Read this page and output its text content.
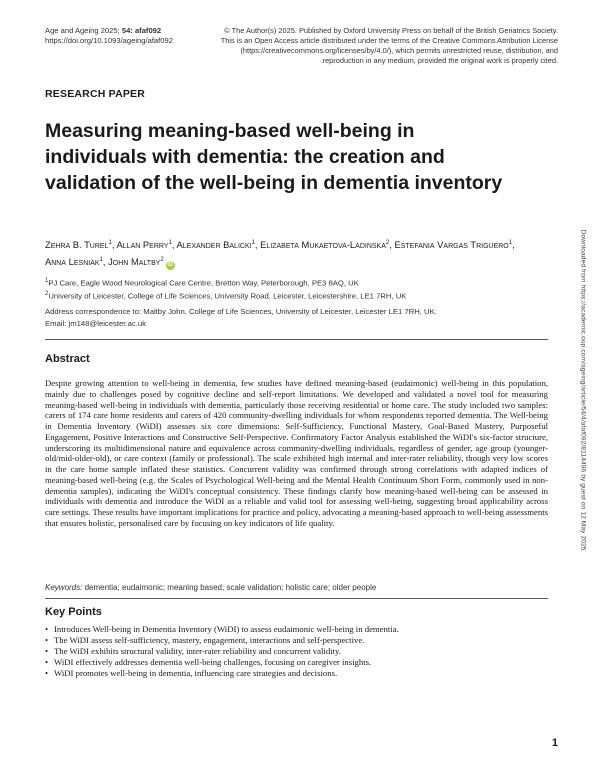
Age and Ageing 2025; 54: afaf092
https://doi.org/10.1093/ageing/afaf092
© The Author(s) 2025. Published by Oxford University Press on behalf of the British Geriatrics Society. This is an Open Access article distributed under the terms of the Creative Commons Attribution License (https://creativecommons.org/licenses/by/4.0/), which permits unrestricted reuse, distribution, and reproduction in any medium, provided the original work is properly cited.
RESEARCH PAPER
Measuring meaning-based well-being in individuals with dementia: the creation and validation of the well-being in dementia inventory
Zehra B. Turel$^1$, Allan Perry$^1$, Alexander Balicki$^1$, Elizabeta Mukaetova-Ladinska$^2$, Estefania Vargas Triguero$^1$, Anna Lesniak$^1$, John Maltby$^2$iD
$^1$PJ Care, Eagle Wood Neurological Care Centre, Bretton Way, Peterborough, PE3 8AQ, UK
$^2$University of Leicester, College of Life Sciences, University Road, Leicester, Leicestershire, LE1 7RH, UK
Address correspondence to: Maltby John, College of Life Sciences, University of Leicester, Leicester LE1 7RH, UK.
Email: jm148@leicester.ac.uk
Abstract

Despite growing attention to well-being in dementia, few studies have defined meaning-based (eudaimonic) well-being in this population, mainly due to challenges posed by cognitive decline and self-report limitations. We developed and validated a novel tool for measuring meaning-based well-being in individuals with dementia, particularly those receiving residential or home care. The study included two samples: carers of 174 care home residents and carers of 420 community-dwelling individuals for whom respondents reported dementia. The Well-being in Dementia Inventory (WiDI) assesses six core dimensions: Self-Sufficiency, Functional Mastery, Goal-Based Mastery, Purposeful Engagement, Positive Interactions and Constructive Self-Perspective. Confirmatory Factor Analysis established the WiDI's six-factor structure, underscoring its multidimensional nature and equivalence across community-dwelling individuals, regardless of gender, age group (younger-old/mid-older-old), or care context (family or professional). The scale exhibited high internal and inter-rater reliability, though very low scores in the care home sample inflated these statistics. Concurrent validity was confirmed through strong correlations with adapted indices of meaning-based well-being (e.g. the Scales of Psychological Well-being and the Mental Health Continuum Short Form, commonly used in non-dementia samples), indicating the WiDI's conceptual consistency. These findings clarify how meaning-based well-being can be assessed in individuals with dementia and introduce the WiDI as a reliable and valid tool for assessing well-being, suggesting broad applicability across care settings. These results have important implications for practice and policy, advocating a meaning-based approach to well-being assessments that ensures holistic, personalised care by focusing on key indicators of life quality.

Keywords: dementia; eudaimonic; meaning based; scale validation; holistic care; older people
Key Points
• Introduces Well-being in Dementia Inventory (WiDI) to assess eudaimonic well-being in dementia.
• The WiDI assess self-sufficiency, mastery, engagement, interactions and self-perspective.
• The WiDI exhibits structural validity, inter-rater reliability and concurrent validity.
• WiDI effectively addresses dementia well-being challenges, focusing on caregiver insights.
• WiDI promotes well-being in dementia, influencing care strategies and decisions.
Downloaded from https://academic.oup.com/ageing/article/54/4/afaf092/8114496 by guest on 12 May 2025
1
